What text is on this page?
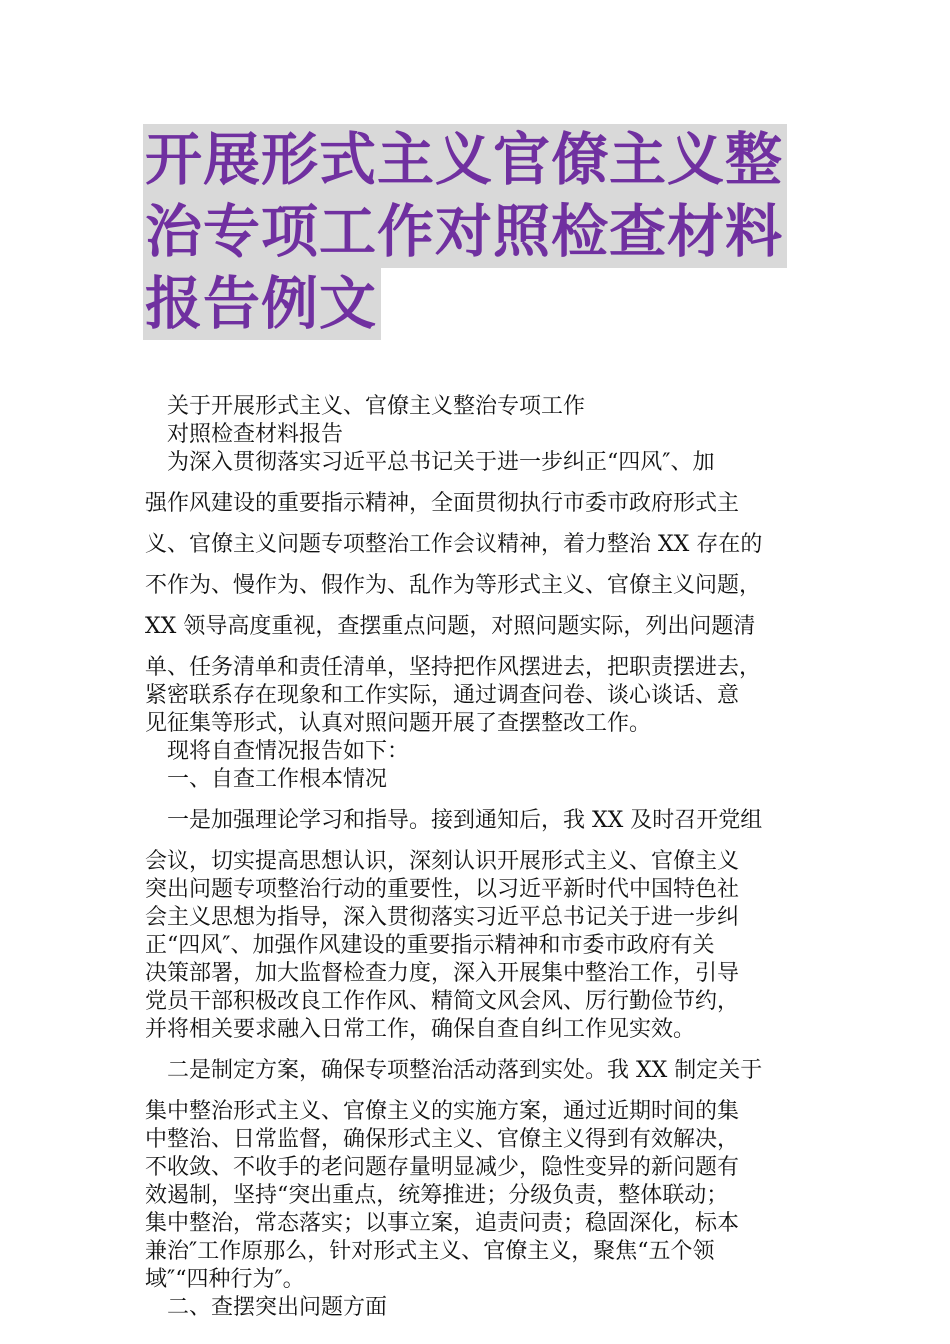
开展形式主义官僚主义整
治专项工作对照检查材料
报告例文
关于开展形式主义、官僚主义整治专项工作
对照检查材料报告
为深入贯彻落实习近平总书记关于进一步纠正“四风″、加
强作风建设的重要指示精神，全面贯彻执行市委市政府形式主
义、官僚主义问题专项整治工作会议精神，着力整治 XX 存在的
不作为、慢作为、假作为、乱作为等形式主义、官僚主义问题，
XX 领导高度重视，查摆重点问题，对照问题实际，列出问题清
单、任务清单和责任清单，坚持把作风摆进去，把职责摆进去，
紧密联系存在现象和工作实际，通过调查问卷、谈心谈话、意
见征集等形式，认真对照问题开展了查摆整改工作。
现将自查情况报告如下：
一、自查工作根本情况
一是加强理论学习和指导。接到通知后，我 XX 及时召开党组
会议，切实提高思想认识，深刻认识开展形式主义、官僚主义
突出问题专项整治行动的重要性，以习近平新时代中国特色社
会主义思想为指导，深入贯彻落实习近平总书记关于进一步纠
正“四风″、加强作风建设的重要指示精神和市委市政府有关
决策部署，加大监督检查力度，深入开展集中整治工作，引导
党员干部积极改良工作作风、精简文风会风、厉行勤俭节约，
并将相关要求融入日常工作，确保自查自纠工作见实效。
二是制定方案，确保专项整治活动落到实处。我 XX 制定关于
集中整治形式主义、官僚主义的实施方案，通过近期时间的集
中整治、日常监督，确保形式主义、官僚主义得到有效解决，
不收敛、不收手的老问题存量明显减少，隐性变异的新问题有
效遏制，坚持“突出重点，统筹推进；分级负责，整体联动；
集中整治，常态落实；以事立案，追责问责；稳固深化，标本
兼治″工作原那么，针对形式主义、官僚主义，聚焦“五个领
域″“四种行为″。
二、查摆突出问题方面
